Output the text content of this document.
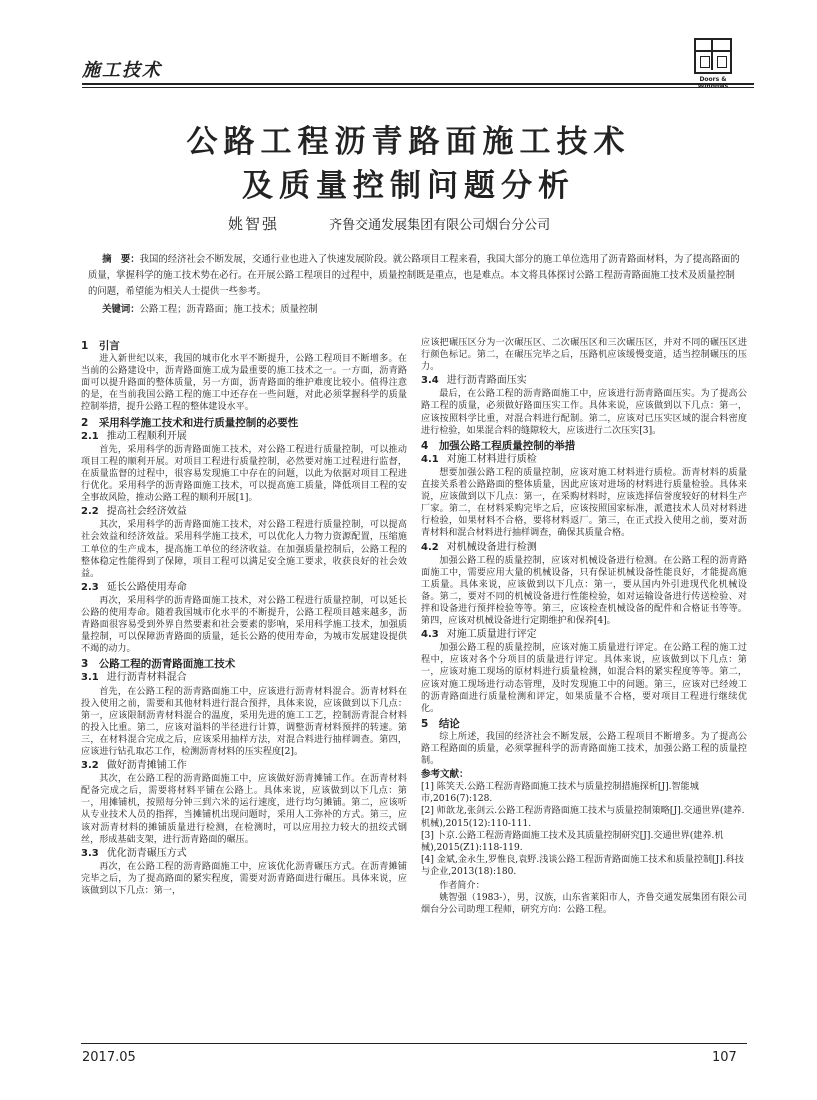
施工技术	Doors & Windows
公路工程沥青路面施工技术
及质量控制问题分析
姚智强	齐鲁交通发展集团有限公司烟台分公司
摘　要：我国的经济社会不断发展，交通行业也进入了快速发展阶段。就公路项目工程来看，我国大部分的施工单位选用了沥青路面材料，为了提高路面的质量，掌握科学的施工技术势在必行。在开展公路工程项目的过程中，质量控制既是重点，也是难点。本文将具体探讨公路工程沥青路面施工技术及质量控制的问题，希望能为相关人士提供一些参考。
关键词：公路工程；沥青路面；施工技术；质量控制
1　 引言

进入新世纪以来，我国的城市化水平不断提升，公路工程项目不断增多。在当前的公路建设中，沥青路面施工成为最重要的施工技术之一。一方面，沥青路面可以提升路面的整体质量，另一方面，沥青路面的维护难度比较小。值得注意的是，在当前我国公路工程的施工中还存在一些问题，对此必须掌握科学的质量控制举措，提升公路工程的整体建设水平。

2　 采用科学施工技术和进行质量控制的必要性
2.1 推动工程顺利开展

首先，采用科学的沥青路面施工技术，对公路工程进行质量控制，可以推动项目工程的顺利开展。对项目工程进行质量控制，必然要对施工过程进行监督，在质量监督的过程中，很容易发现施工中存在的问题，以此为依据对项目工程进行优化。采用科学的沥青路面施工技术，可以提高施工质量，降低项目工程的安全事故风险，推动公路工程的顺利开展[1]。

2.2 提高社会经济效益

其次，采用科学的沥青路面施工技术，对公路工程进行质量控制，可以提高社会效益和经济效益。采用科学施工技术，可以优化人力物力资源配置，压缩施工单位的生产成本，提高施工单位的经济收益。在加强质量控制后，公路工程的整体稳定性能得到了保障，项目工程可以满足安全施工要求，收获良好的社会效益。

2.3 延长公路使用寿命

再次，采用科学的沥青路面施工技术，对公路工程进行质量控制，可以延长公路的使用寿命。随着我国城市化水平的不断提升，公路工程项目越来越多，沥青路面很容易受到外界自然要素和社会要素的影响，采用科学施工技术，加强质量控制，可以保障沥青路面的质量，延长公路的使用寿命，为城市发展建设提供不竭的动力。

3　 公路工程的沥青路面施工技术
3.1 进行沥青材料混合

首先，在公路工程的沥青路面施工中，应该进行沥青材料混合。沥青材料在投入使用之前，需要和其他材料进行混合预拌，具体来说，应该做到以下几点：第一，应该限制沥青材料混合的温度，采用先进的施工工艺，控制沥青混合材料的投入比重。第二，应该对溢料的半径进行计算，调整沥青材料预拌的转速。第三，在材料混合完成之后，应该采用抽样方法，对混合料进行抽样调查。第四，应该进行钻孔取芯工作，检测沥青材料的压实程度[2]。

3.2 做好沥青摊铺工作

其次，在公路工程的沥青路面施工中，应该做好沥青摊铺工作。在沥青材料配备完成之后，需要将材料平铺在公路上。具体来说，应该做到以下几点：第一，用摊铺机，按照每分钟三到六米的运行速度，进行均匀摊铺。第二，应该听从专业技术人员的指挥，当摊铺机出现问题时，采用人工弥补的方式。第三，应该对沥青材料的摊铺质量进行检测，在检测时，可以应用拉力较大的扭绞式钢丝，形成基础支架，进行沥青路面的碾压。

3.3 优化沥青碾压方式

再次，在公路工程的沥青路面施工中，应该优化沥青碾压方式。在沥青摊铺完毕之后，为了提高路面的紧实程度，需要对沥青路面进行碾压。具体来说，应该做到以下几点：第一，

应该把碾压区分为一次碾压区、二次碾压区和三次碾压区，并对不同的碾压区进行颜色标记。第二，在碾压完毕之后，压路机应该缓慢变道，适当控制碾压的压力。

3.4 进行沥青路面压实

最后，在公路工程的沥青路面施工中，应该进行沥青路面压实。为了提高公路工程的质量，必须做好路面压实工作。具体来说，应该做到以下几点：第一，应该按照料学比重，对混合料进行配制。第二，应该对已压实区域的混合料密度进行检验，如果混合料的缝隙较大，应该进行二次压实[3]。

4　 加强公路工程质量控制的举措
4.1 对施工材料进行质检

想要加强公路工程的质量控制，应该对施工材料进行质检。沥青材料的质量直接关系着公路路面的整体质量，因此应该对进场的材料进行质量检验。具体来说，应该做到以下几点：第一，在采购材料时，应该选择信誉度较好的材料生产厂家。第二，在材料采购完毕之后，应该按照国家标准，派遣技术人员对材料进行检验，如果材料不合格，要将材料返厂。第三，在正式投入使用之前，要对沥青材料和混合材料进行抽样调查，确保其质量合格。

4.2 对机械设备进行检测

加强公路工程的质量控制，应该对机械设备进行检测。在公路工程的沥青路面施工中，需要应用大量的机械设备，只有保证机械设备性能良好，才能提高施工质量。具体来说，应该做到以下几点：第一，要从国内外引进现代化机械设备。第二，要对不同的机械设备进行性能检验，如对运输设备进行传送检验、对拌和设备进行预拌检验等等。第三，应该检查机械设备的配件和合格证书等等。第四，应该对机械设备进行定期维护和保养[4]。

4.3 对施工质量进行评定

加强公路工程的质量控制，应该对施工质量进行评定。在公路工程的施工过程中，应该对各个分项目的质量进行评定。具体来说，应该做到以下几点：第一，应该对施工现场的原材料进行质量检测，如混合料的紧实程度等等。第二，应该对施工现场进行动态管理，及时发现施工中的问题。第三，应该对已经竣工的沥青路面进行质量检测和评定，如果质量不合格，要对项目工程进行继续优化。

5　 结论

综上所述，我国的经济社会不断发展，公路工程项目不断增多。为了提高公路工程路面的质量，必须掌握科学的沥青路面施工技术，加强公路工程的质量控制。

参考文献：
[1] 陈笑天.公路工程沥青路面施工技术与质量控制措施探析[J].智能城市,2016(7):128.
[2] 师歆龙,张剑云.公路工程沥青路面施工技术与质量控制策略[J].交通世界(建养.机械),2015(12):110-111.
[3] 卜京.公路工程沥青路面施工技术及其质量控制研究[J].交通世界(建养.机械),2015(Z1):118-119.
[4] 金斌,金永生,罗惟良,袁野.浅谈公路工程沥青路面施工技术和质量控制[J].科技与企业,2013(18):180.
作者简介：

姚智强（1983-），男，汉族，山东省莱阳市人，齐鲁交通发展集团有限公司烟台分公司助理工程师，研究方向：公路工程。

2017.05	107
